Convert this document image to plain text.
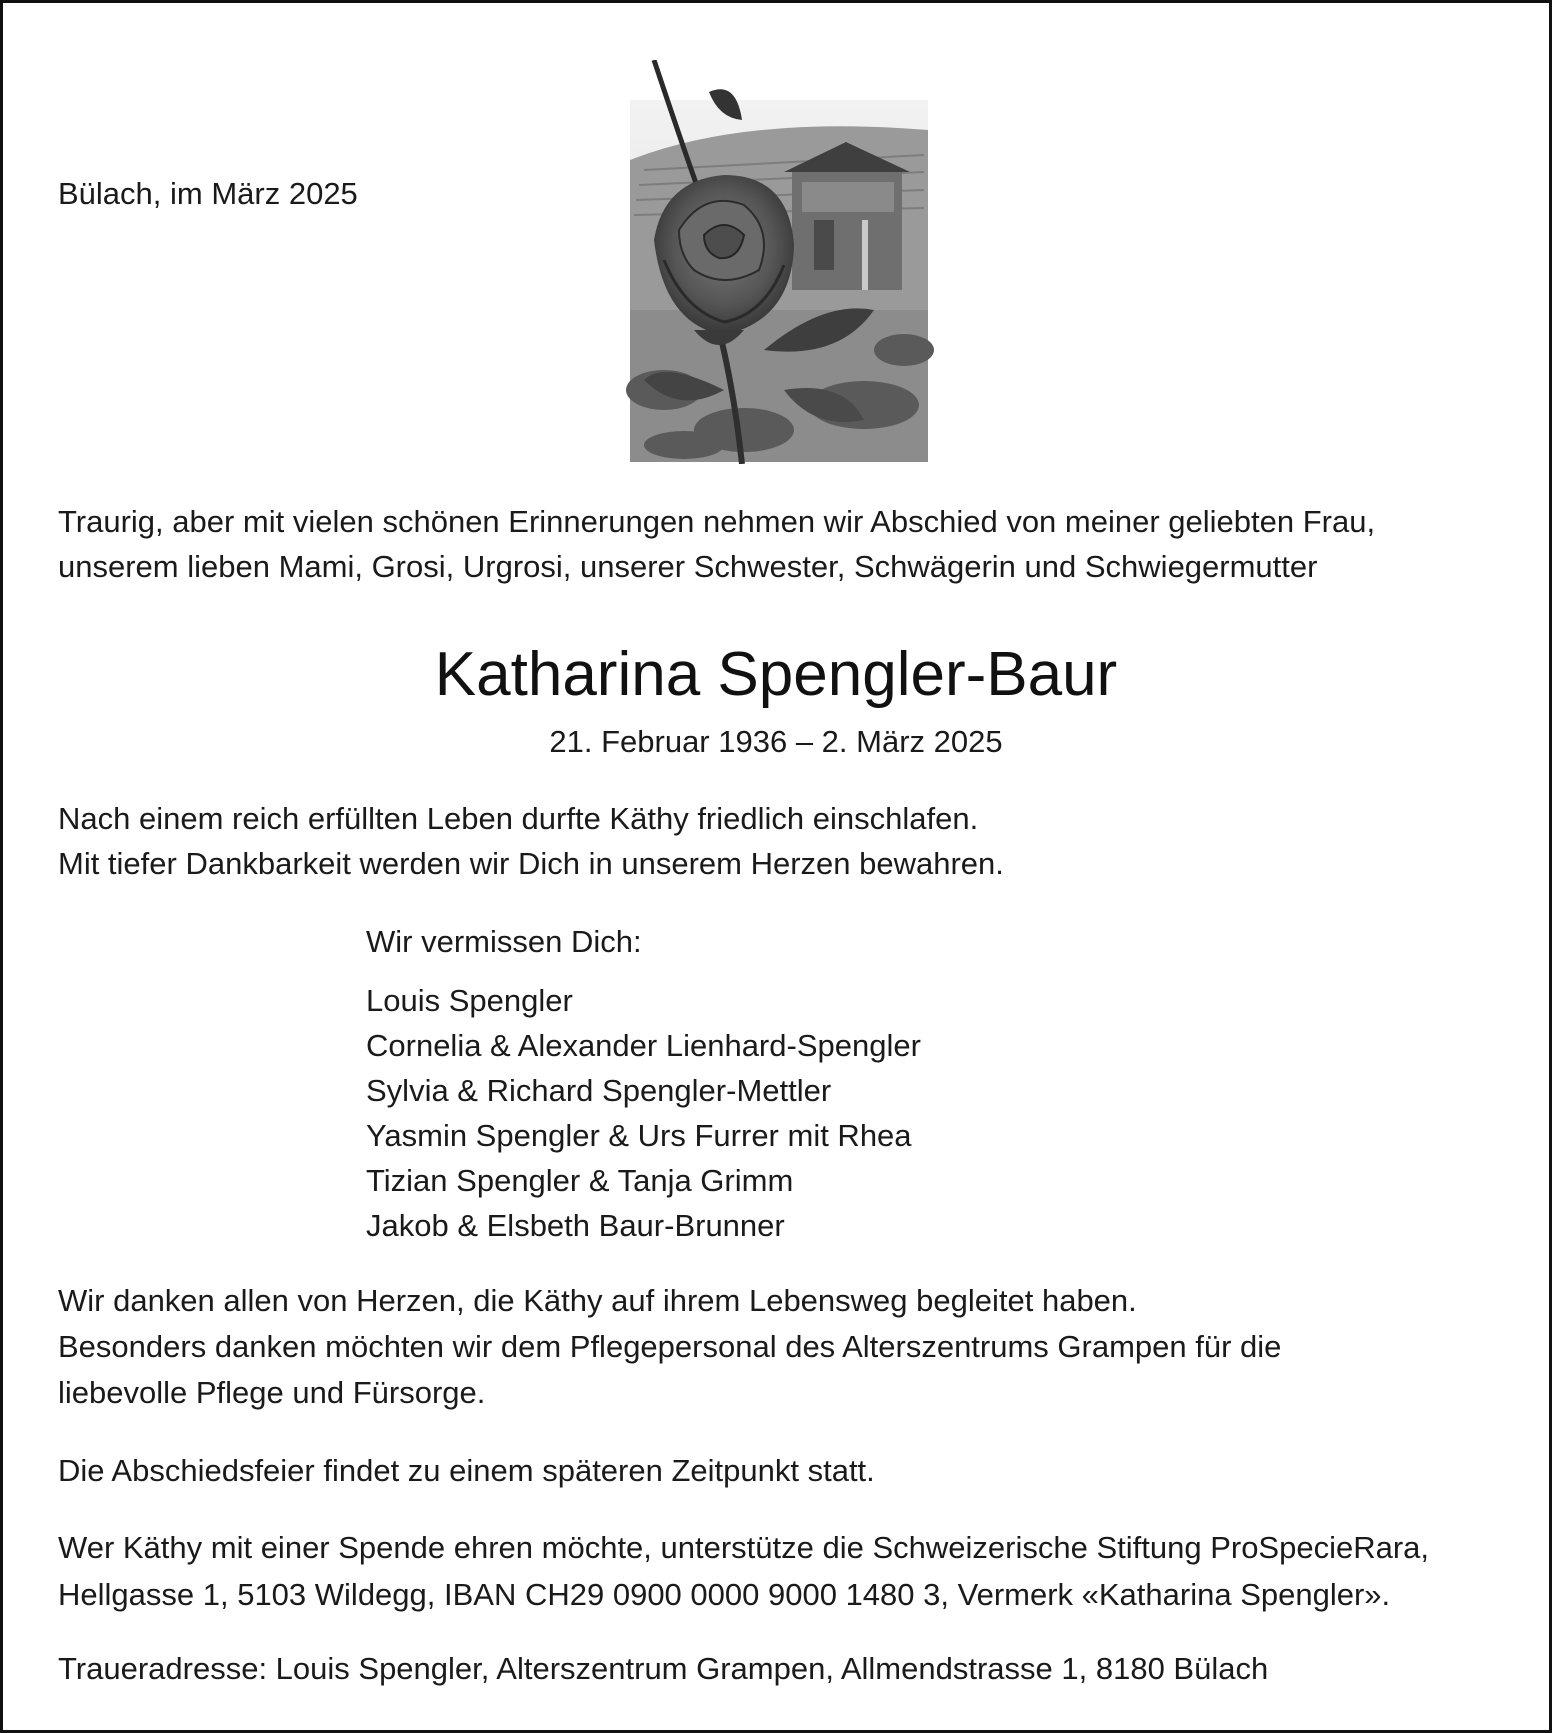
Bülach, im März 2025

Traurig, aber mit vielen schönen Erinnerungen nehmen wir Abschied von meiner geliebten Frau,
unserem lieben Mami, Grosi, Urgrosi, unserer Schwester, Schwägerin und Schwiegermutter

Katharina Spengler-Baur

21. Februar 1936 – 2. März 2025

Nach einem reich erfüllten Leben durfte Käthy friedlich einschlafen.
Mit tiefer Dankbarkeit werden wir Dich in unserem Herzen bewahren.

Wir vermissen Dich:

Louis Spengler
Cornelia & Alexander Lienhard-Spengler
Sylvia & Richard Spengler-Mettler
Yasmin Spengler & Urs Furrer mit Rhea
Tizian Spengler & Tanja Grimm
Jakob & Elsbeth Baur-Brunner

Wir danken allen von Herzen, die Käthy auf ihrem Lebensweg begleitet haben.
Besonders danken möchten wir dem Pflegepersonal des Alterszentrums Grampen für die
liebevolle Pflege und Fürsorge.

Die Abschiedsfeier findet zu einem späteren Zeitpunkt statt.

Wer Käthy mit einer Spende ehren möchte, unterstütze die Schweizerische Stiftung ProSpecieRara,
Hellgasse 1, 5103 Wildegg, IBAN CH29 0900 0000 9000 1480 3, Vermerk «Katharina Spengler».

Traueradresse: Louis Spengler, Alterszentrum Grampen, Allmendstrasse 1, 8180 Bülach
